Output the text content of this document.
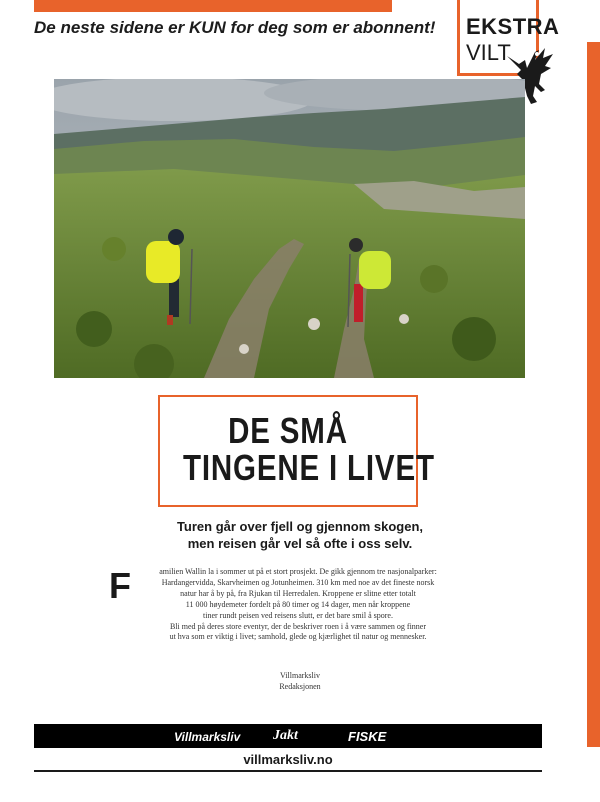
De neste sidene er KUN for deg som er abonnent! EKSTRA
VILT
DE SMÅ
TINGENE I LIVET
Turen går over fjell og gjennom skogen,
men reisen går vel så ofte i oss selv.
F	amilien Wallin la i sommer ut på et stort prosjekt. De gikk gjennom tre nasjonalparker:
Hardangervidda, Skarvheimen og Jotunheimen. 310 km med noe av det fineste norsk
natur har å by på, fra Rjukan til Herredalen. Kroppene er slitne etter totalt
11 000 høydemeter fordelt på 80 timer og 14 dager, men når kroppene
tiner rundt peisen ved reisens slutt, er det bare smil å spore.
Bli med på deres store eventyr, der de beskriver roen i å være sammen og finner
ut hva som er viktig i livet; samhold, glede og kjærlighet til natur og mennesker.
Villmarksliv
Redaksjonen
Villmarksliv Jakt	FISKE
villmarksliv.no
